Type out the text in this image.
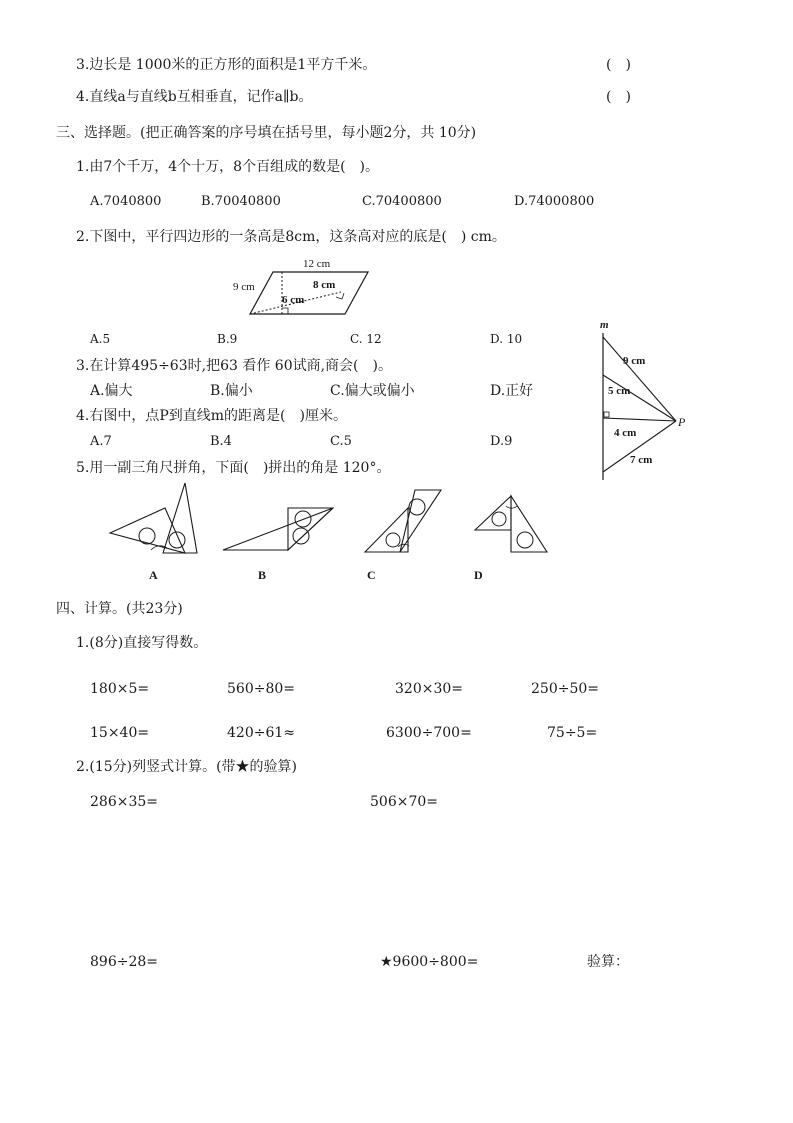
3.边长是 1000米的正方形的面积是1平方千米。	(　)
4.直线a与直线b互相垂直，记作a∥b。	(　)
三、选择题。(把正确答案的序号填在括号里，每小题2分，共 10分)
1.由7个千万，4个十万，8个百组成的数是(　)。
A.7040800	B.70040800	C.70400800	D.74000800
2.下图中，平行四边形的一条高是8cm，这条高对应的底是(　) cm。
12 cm
9 cm	8 cm
6 cm
A.5	B.9	C. 12	D. 10
3.在计算495÷63时,把63 看作 60试商,商会(　)。
A.偏大	B.偏小	C.偏大或偏小	D.正好
4.右图中，点P到直线m的距离是(　)厘米。
A.7	B.4	C.5	D.9
m
P
9 cm
5 cm
4 cm
7 cm
5.用一副三角尺拼角，下面(　)拼出的角是 120°。
A	B	C	D
四、计算。(共23分)
1.(8分)直接写得数。
180×5=	560÷80=	320×30=	250÷50=
15×40=	420÷61≈	6300÷700=	75÷5=
2.(15分)列竖式计算。(带★的验算)
286×35=	506×70=
896÷28=	★9600÷800=	验算：
